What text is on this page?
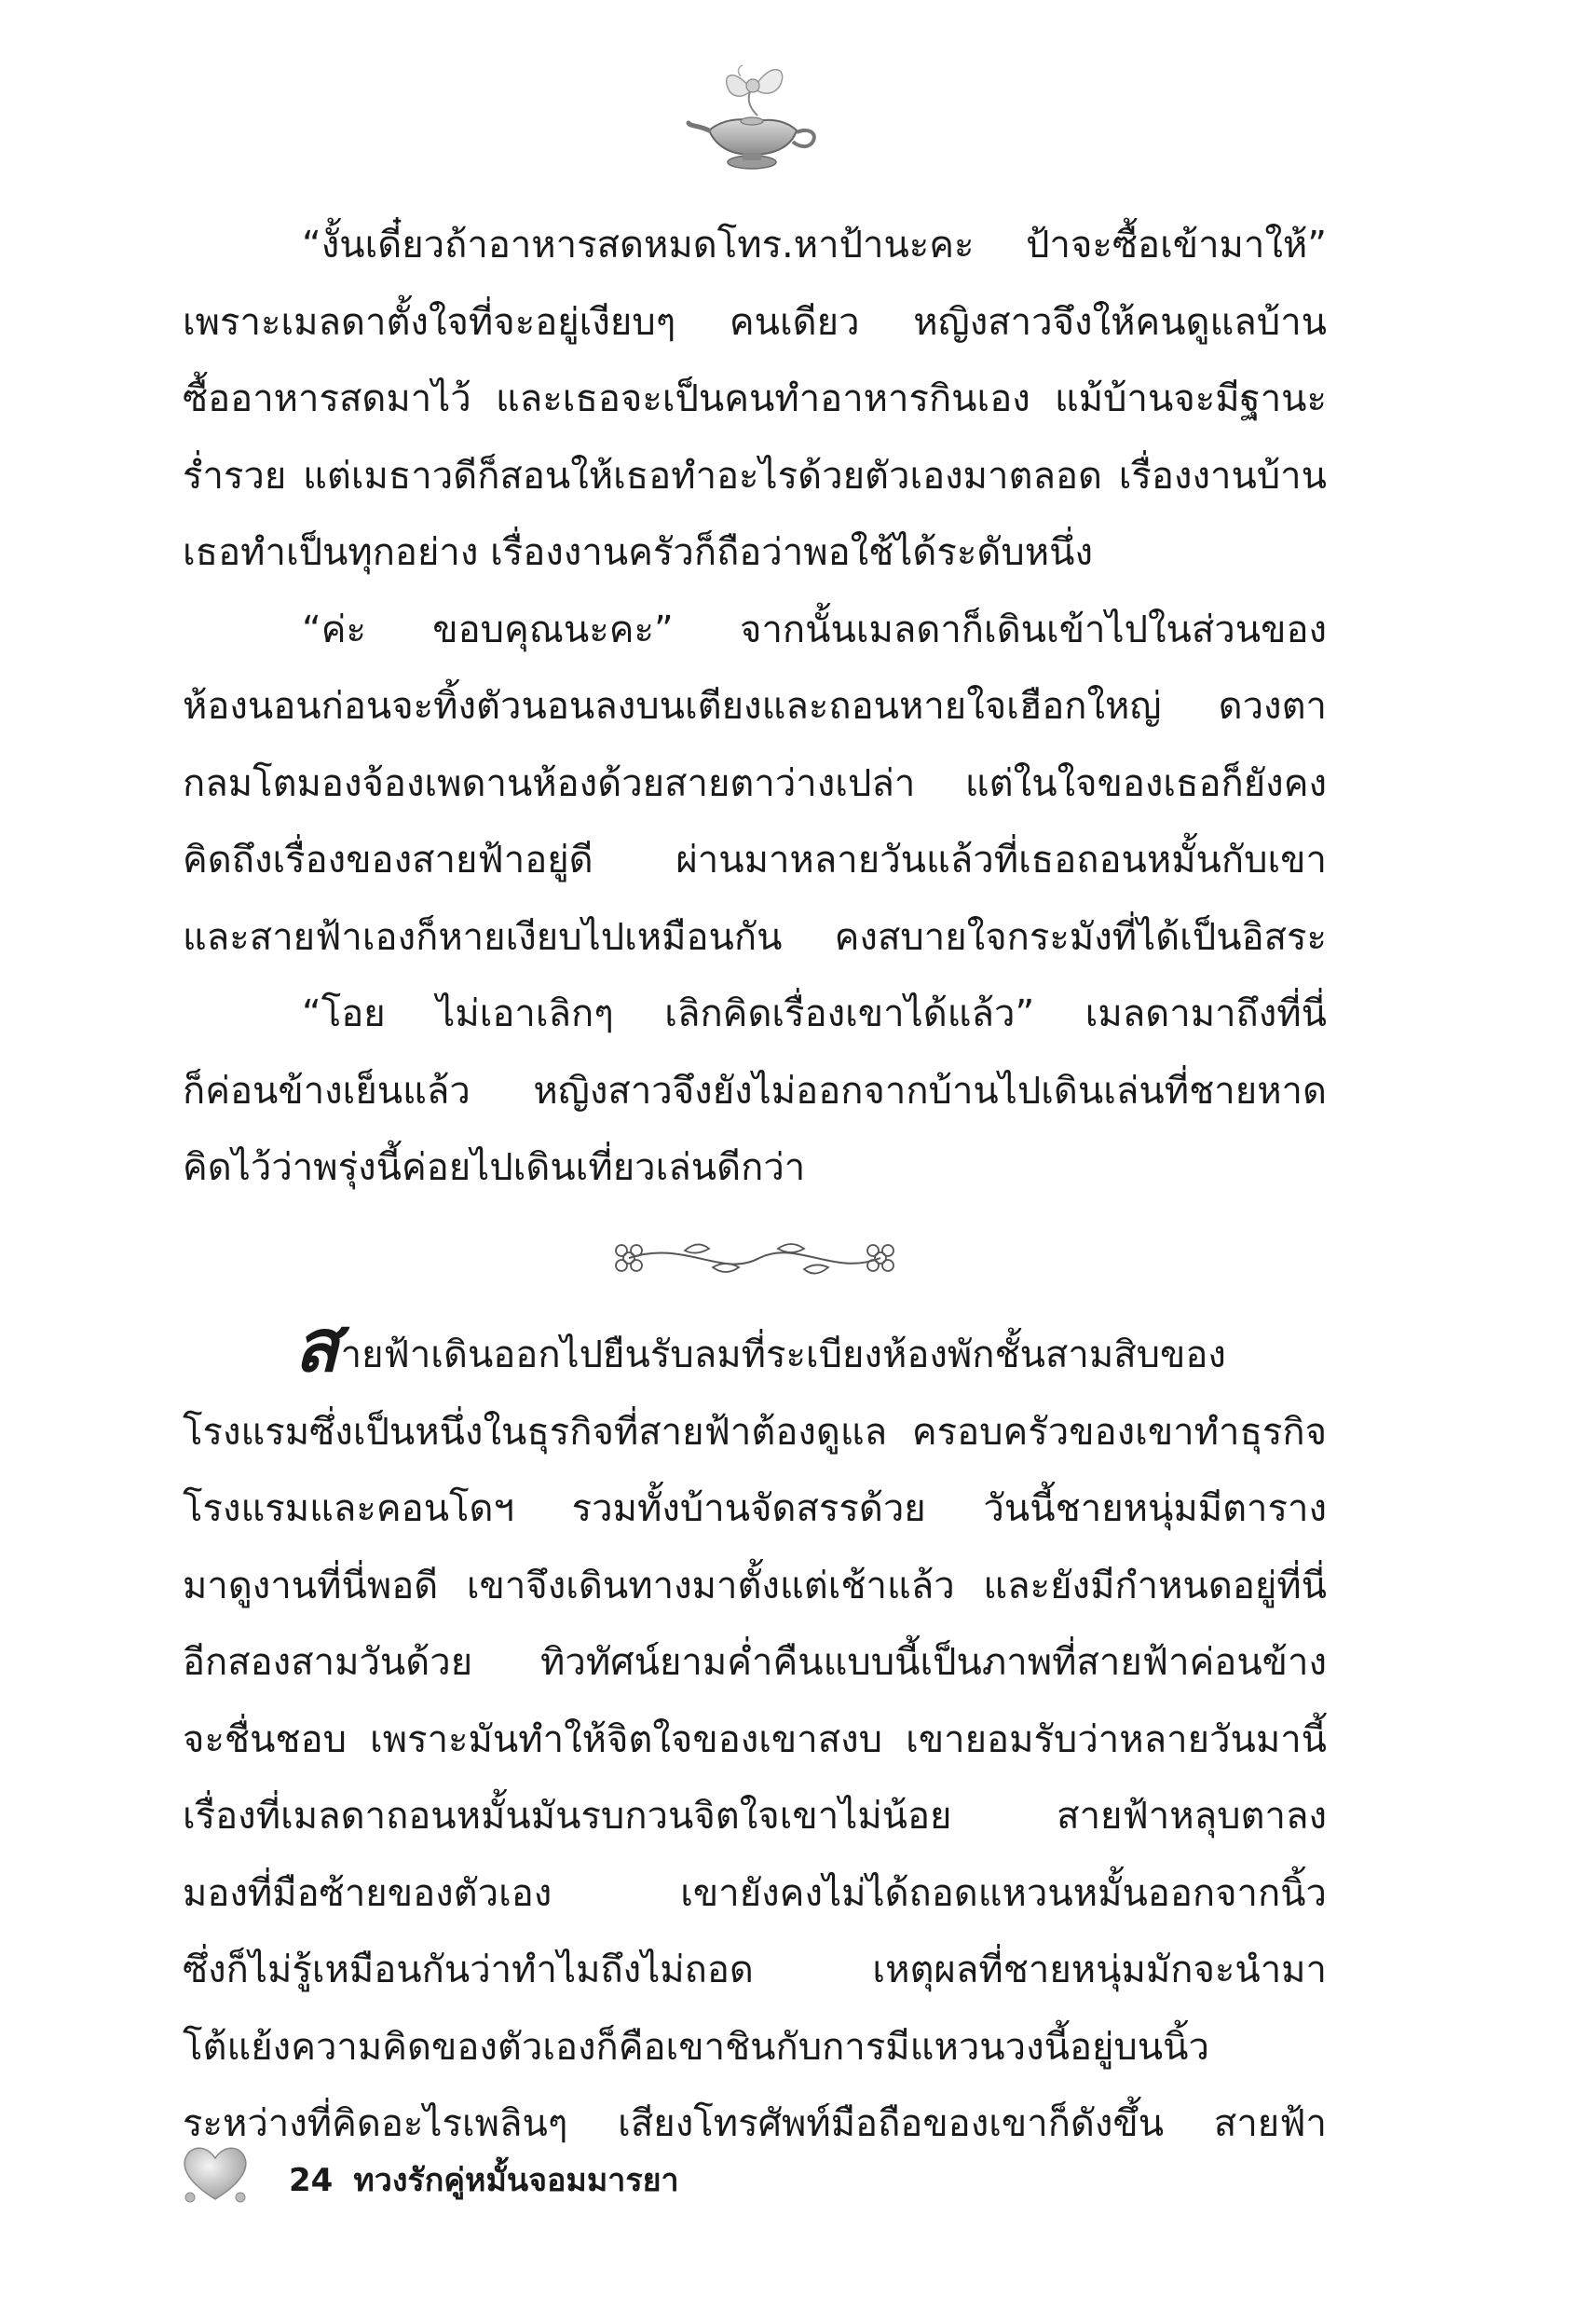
“งั้นเดี๋ยวถ้าอาหารสดหมดโทร.หาป้านะคะ ป้าจะซื้อเข้ามาให้”
เพราะเมลดาตั้งใจที่จะอยู่เงียบๆ คนเดียว หญิงสาวจึงให้คนดูแลบ้าน
ซื้ออาหารสดมาไว้ และเธอจะเป็นคนทำอาหารกินเอง แม้บ้านจะมีฐานะ
ร่ำรวย แต่เมธาวดีก็สอนให้เธอทำอะไรด้วยตัวเองมาตลอด เรื่องงานบ้าน
เธอทำเป็นทุกอย่าง เรื่องงานครัวก็ถือว่าพอใช้ได้ระดับหนึ่ง
“ค่ะ ขอบคุณนะคะ” จากนั้นเมลดาก็เดินเข้าไปในส่วนของ
ห้องนอนก่อนจะทิ้งตัวนอนลงบนเตียงและถอนหายใจเฮือกใหญ่ ดวงตา
กลมโตมองจ้องเพดานห้องด้วยสายตาว่างเปล่า แต่ในใจของเธอก็ยังคง
คิดถึงเรื่องของสายฟ้าอยู่ดี ผ่านมาหลายวันแล้วที่เธอถอนหมั้นกับเขา
และสายฟ้าเองก็หายเงียบไปเหมือนกัน คงสบายใจกระมังที่ได้เป็นอิสระ
“โอย ไม่เอาเลิกๆ เลิกคิดเรื่องเขาได้แล้ว” เมลดามาถึงที่นี่
ก็ค่อนข้างเย็นแล้ว หญิงสาวจึงยังไม่ออกจากบ้านไปเดินเล่นที่ชายหาด
คิดไว้ว่าพรุ่งนี้ค่อยไปเดินเที่ยวเล่นดีกว่า
สายฟ้าเดินออกไปยืนรับลมที่ระเบียงห้องพักชั้นสามสิบของ
โรงแรมซึ่งเป็นหนึ่งในธุรกิจที่สายฟ้าต้องดูแล ครอบครัวของเขาทำธุรกิจ
โรงแรมและคอนโดฯ รวมทั้งบ้านจัดสรรด้วย วันนี้ชายหนุ่มมีตาราง
มาดูงานที่นี่พอดี เขาจึงเดินทางมาตั้งแต่เช้าแล้ว และยังมีกำหนดอยู่ที่นี่
อีกสองสามวันด้วย ทิวทัศน์ยามค่ำคืนแบบนี้เป็นภาพที่สายฟ้าค่อนข้าง
จะชื่นชอบ เพราะมันทำให้จิตใจของเขาสงบ เขายอมรับว่าหลายวันมานี้
เรื่องที่เมลดาถอนหมั้นมันรบกวนจิตใจเขาไม่น้อย สายฟ้าหลุบตาลง
มองที่มือซ้ายของตัวเอง เขายังคงไม่ได้ถอดแหวนหมั้นออกจากนิ้ว
ซึ่งก็ไม่รู้เหมือนกันว่าทำไมถึงไม่ถอด เหตุผลที่ชายหนุ่มมักจะนำมา
โต้แย้งความคิดของตัวเองก็คือเขาชินกับการมีแหวนวงนี้อยู่บนนิ้ว
ระหว่างที่คิดอะไรเพลินๆ เสียงโทรศัพท์มือถือของเขาก็ดังขึ้น สายฟ้า
24 ทวงรักคู่หมั้นจอมมารยา
